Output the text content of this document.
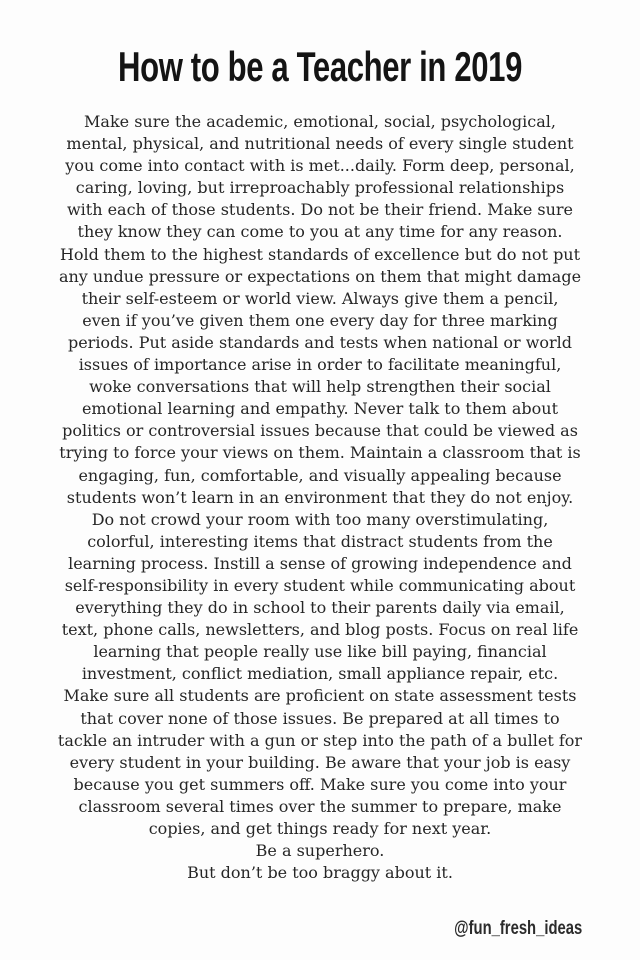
How to be a Teacher in 2019
Make sure the academic, emotional, social, psychological,
mental, physical, and nutritional needs of every single student
you come into contact with is met...daily. Form deep, personal,
caring, loving, but irreproachably professional relationships
with each of those students. Do not be their friend. Make sure
they know they can come to you at any time for any reason.
Hold them to the highest standards of excellence but do not put
any undue pressure or expectations on them that might damage
their self-esteem or world view. Always give them a pencil,
even if you’ve given them one every day for three marking
periods. Put aside standards and tests when national or world
issues of importance arise in order to facilitate meaningful,
woke conversations that will help strengthen their social
emotional learning and empathy. Never talk to them about
politics or controversial issues because that could be viewed as
trying to force your views on them. Maintain a classroom that is
engaging, fun, comfortable, and visually appealing because
students won’t learn in an environment that they do not enjoy.
Do not crowd your room with too many overstimulating,
colorful, interesting items that distract students from the
learning process. Instill a sense of growing independence and
self-responsibility in every student while communicating about
everything they do in school to their parents daily via email,
text, phone calls, newsletters, and blog posts. Focus on real life
learning that people really use like bill paying, financial
investment, conflict mediation, small appliance repair, etc.
Make sure all students are proficient on state assessment tests
that cover none of those issues. Be prepared at all times to
tackle an intruder with a gun or step into the path of a bullet for
every student in your building. Be aware that your job is easy
because you get summers off. Make sure you come into your
classroom several times over the summer to prepare, make
copies, and get things ready for next year.
Be a superhero.
But don’t be too braggy about it.
@fun_fresh_ideas
